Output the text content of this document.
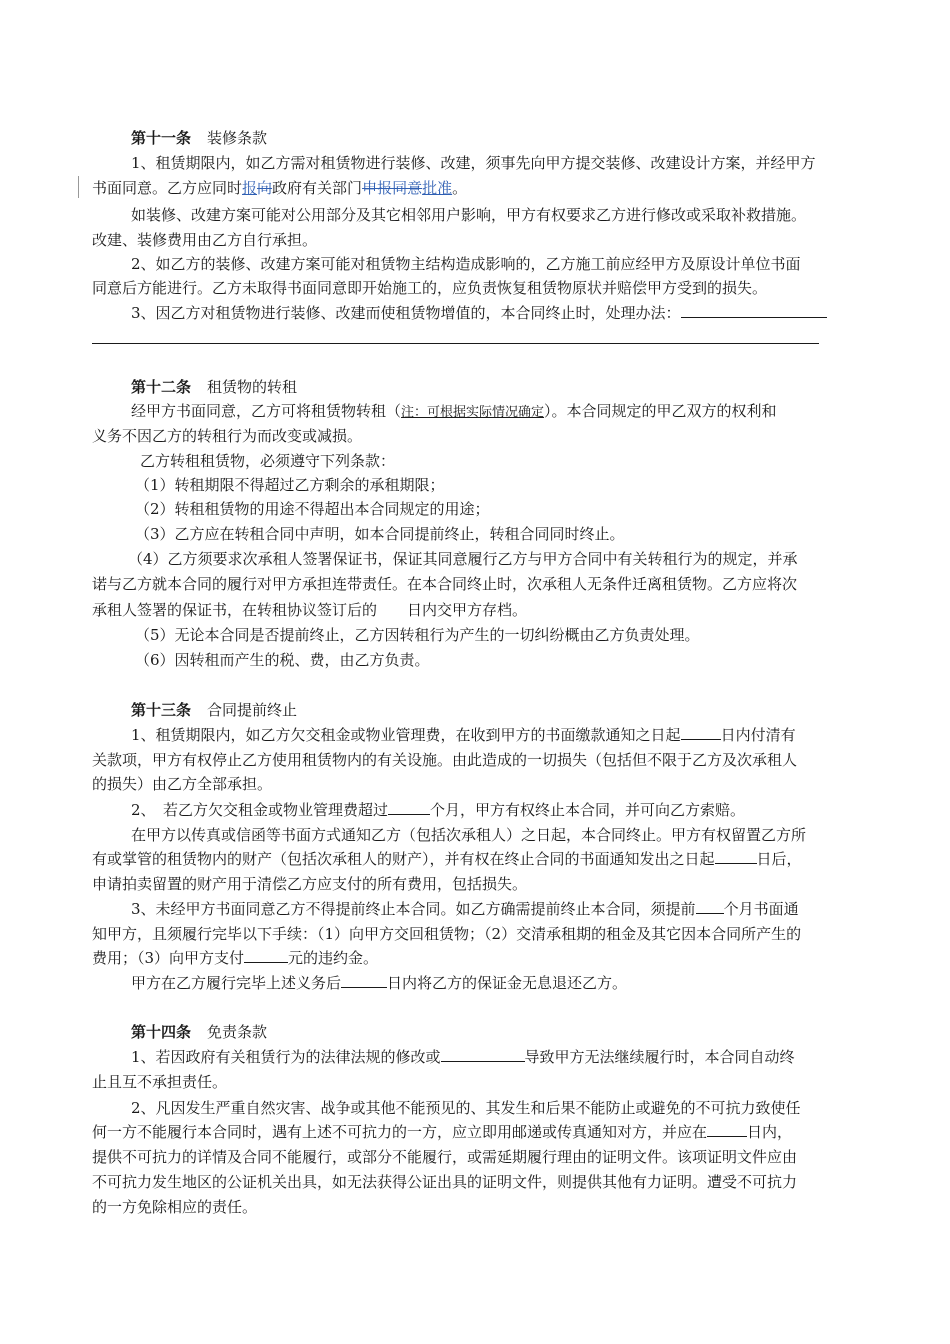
第十一条 装修条款
1、租赁期限内，如乙方需对租赁物进行装修、改建，须事先向甲方提交装修、改建设计方案，并经甲方
书面同意。乙方应同时报向政府有关部门申报同意批准。
如装修、改建方案可能对公用部分及其它相邻用户影响，甲方有权要求乙方进行修改或采取补救措施。
改建、装修费用由乙方自行承担。
2、如乙方的装修、改建方案可能对租赁物主结构造成影响的，乙方施工前应经甲方及原设计单位书面
同意后方能进行。乙方未取得书面同意即开始施工的，应负责恢复租赁物原状并赔偿甲方受到的损失。
3、因乙方对租赁物进行装修、改建而使租赁物增值的，本合同终止时，处理办法：
第十二条 租赁物的转租
经甲方书面同意，乙方可将租赁物转租（注：可根据实际情况确定）。本合同规定的甲乙双方的权利和
义务不因乙方的转租行为而改变或减损。
乙方转租租赁物，必须遵守下列条款：
（1）转租期限不得超过乙方剩余的承租期限；
（2）转租租赁物的用途不得超出本合同规定的用途；
（3）乙方应在转租合同中声明，如本合同提前终止，转租合同同时终止。
（4）乙方须要求次承租人签署保证书，保证其同意履行乙方与甲方合同中有关转租行为的规定，并承
诺与乙方就本合同的履行对甲方承担连带责任。在本合同终止时，次承租人无条件迁离租赁物。乙方应将次
承租人签署的保证书，在转租协议签订后的　　日内交甲方存档。
（5）无论本合同是否提前终止，乙方因转租行为产生的一切纠纷概由乙方负责处理。
（6）因转租而产生的税、费，由乙方负责。
第十三条 合同提前终止
1、租赁期限内，如乙方欠交租金或物业管理费，在收到甲方的书面缴款通知之日起	日内付清有
关款项，甲方有权停止乙方使用租赁物内的有关设施。由此造成的一切损失（包括但不限于乙方及次承租人
的损失）由乙方全部承担。
2、　若乙方欠交租金或物业管理费超过	个月，甲方有权终止本合同，并可向乙方索赔。
在甲方以传真或信函等书面方式通知乙方（包括次承租人）之日起，本合同终止。甲方有权留置乙方所
有或掌管的租赁物内的财产（包括次承租人的财产），并有权在终止合同的书面通知发出之日起	日后，
申请拍卖留置的财产用于清偿乙方应支付的所有费用，包括损失。
3、未经甲方书面同意乙方不得提前终止本合同。如乙方确需提前终止本合同，须提前 个月书面通
知甲方，且须履行完毕以下手续：（1）向甲方交回租赁物；（2）交清承租期的租金及其它因本合同所产生的
费用；（3）向甲方支付	元的违约金。
甲方在乙方履行完毕上述义务后	日内将乙方的保证金无息退还乙方。
第十四条 免责条款
1、若因政府有关租赁行为的法律法规的修改或	导致甲方无法继续履行时，本合同自动终
止且互不承担责任。
2、凡因发生严重自然灾害、战争或其他不能预见的、其发生和后果不能防止或避免的不可抗力致使任
何一方不能履行本合同时，遇有上述不可抗力的一方，应立即用邮递或传真通知对方，并应在	日内，
提供不可抗力的详情及合同不能履行，或部分不能履行，或需延期履行理由的证明文件。该项证明文件应由
不可抗力发生地区的公证机关出具，如无法获得公证出具的证明文件，则提供其他有力证明。遭受不可抗力
的一方免除相应的责任。
